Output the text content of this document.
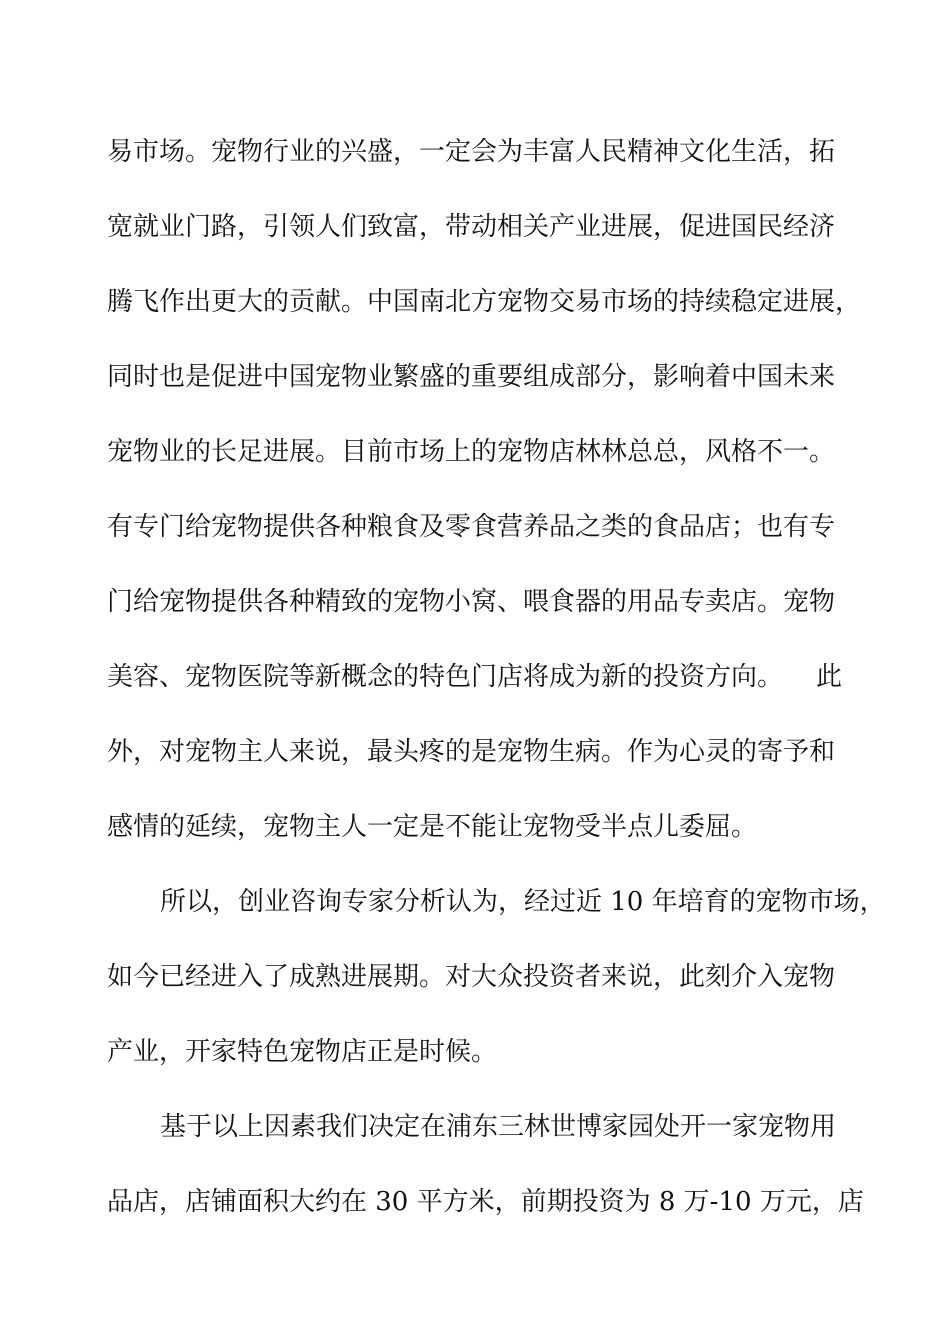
易市场。宠物行业的兴盛，一定会为丰富人民精神文化生活，拓
宽就业门路，引领人们致富，带动相关产业进展，促进国民经济
腾飞作出更大的贡献。中国南北方宠物交易市场的持续稳定进展，
同时也是促进中国宠物业繁盛的重要组成部分，影响着中国未来
宠物业的长足进展。目前市场上的宠物店林林总总，风格不一。
有专门给宠物提供各种粮食及零食营养品之类的食品店；也有专
门给宠物提供各种精致的宠物小窝、喂食器的用品专卖店。宠物
美容、宠物医院等新概念的特色门店将成为新的投资方向。    此
外，对宠物主人来说，最头疼的是宠物生病。作为心灵的寄予和
感情的延续，宠物主人一定是不能让宠物受半点儿委屈。
所以，创业咨询专家分析认为，经过近 10 年培育的宠物市场，
如今已经进入了成熟进展期。对大众投资者来说，此刻介入宠物
产业，开家特色宠物店正是时候。
基于以上因素我们决定在浦东三林世博家园处开一家宠物用
品店，店铺面积大约在 30 平方米，前期投资为 8 万-10 万元，店
